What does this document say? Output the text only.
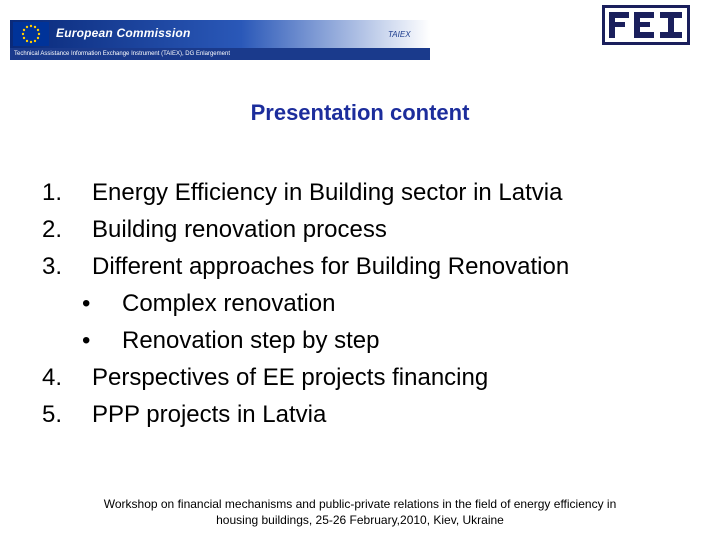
European Commission	TAIEX
Technical Assistance Information Exchange Instrument (TAIEX), DG Enlargement
Presentation content
1. Energy Efficiency in Building sector in Latvia
2. Building renovation process
3. Different approaches for Building Renovation
• Complex renovation
• Renovation step by step
4. Perspectives of EE projects financing
5. PPP projects in Latvia
Workshop on financial mechanisms and public-private relations in the field of energy efficiency in
housing buildings, 25-26 February,2010, Kiev, Ukraine
